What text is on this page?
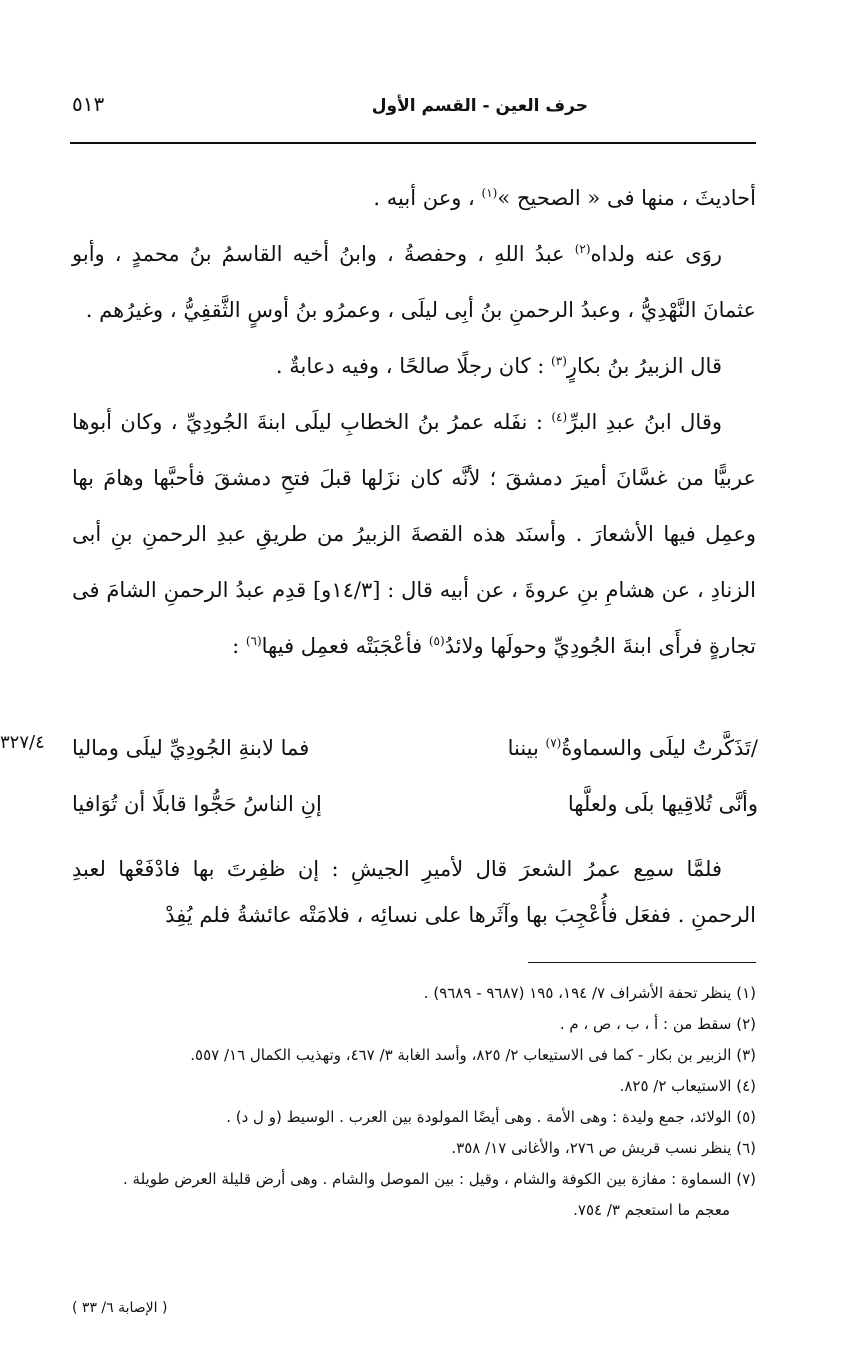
حرف العين - القسم الأول
٥١٣

أحاديثَ ، منها فى « الصحيح »$^{(١)}$ ، وعن أبيه .

روَى عنه ولداه$^{(٢)}$ عبدُ اللهِ ، وحفصةُ ، وابنُ أخيه القاسمُ بنُ محمدٍ ، وأبو عثمانَ النَّهْدِيُّ ، وعبدُ الرحمنِ بنُ أبِى ليلَى ، وعمرُو بنُ أوسٍ الثَّقفِيُّ ، وغيرُهم .

قال الزبيرُ بنُ بكارٍ$^{(٣)}$ : كان رجلًا صالحًا ، وفيه دعابةٌ .

وقال ابنُ عبدِ البرِّ$^{(٤)}$ : نفَله عمرُ بنُ الخطابِ ليلَى ابنةَ الجُودِيِّ ، وكان أبوها عربيًّا من غسَّانَ أميرَ دمشقَ ؛ لأنَّه كان نزَلها قبلَ فتحِ دمشقَ فأحبَّها وهامَ بها وعمِل فيها الأشعارَ . وأسنَد هذه القصةَ الزبيرُ من طريقِ عبدِ الرحمنِ بنِ أبى الزنادِ ، عن هشامِ بنِ عروةَ ، عن أبيه قال : [١٤/٣و] قدِم عبدُ الرحمنِ الشامَ فى تجارةٍ فرأَى ابنةَ الجُودِيِّ وحولَها ولائدُ$^{(٥)}$ فأعْجَبَتْه فعمِل فيها$^{(٦)}$ :

٣٢٧/٤	/تَذَكَّرتُ ليلَى والسماوةُ$^{(٧)}$ بيننا
فما لابنةِ الجُودِيِّ ليلَى وماليا
وأنَّى تُلاقِيها بلَى ولعلَّها
إنِ الناسُ حَجُّوا قابلًا أن تُوَافيا

فلمَّا سمِع عمرُ الشعرَ قال لأميرِ الجيشِ : إن ظفِرتَ بها فادْفَعْها لعبدِ الرحمنِ . ففعَل فأُعْجِبَ بها وآثَرها على نسائِه ، فلامَتْه عائشةُ فلم يُفِدْ

(١) ينظر تحفة الأشراف ٧/ ١٩٤، ١٩٥ (٩٦٨٧ - ٩٦٨٩) .

(٢) سقط من : أ ، ب ، ص ، م .

(٣) الزبير بن بكار - كما فى الاستيعاب ٢/ ٨٢٥، وأسد الغابة ٣/ ٤٦٧، وتهذيب الكمال ١٦/ ٥٥٧.

(٤) الاستيعاب ٢/ ٨٢٥.

(٥) الولائد، جمع وليدة : وهى الأمة . وهى أيضًا المولودة بين العرب . الوسيط (و ل د) .

(٦) ينظر نسب قريش ص ٢٧٦، والأغانى ١٧/ ٣٥٨.

(٧) السماوة : مفازة بين الكوفة والشام ، وقيل : بين الموصل والشام . وهى أرض قليلة العرض طويلة .

معجم ما استعجم ٣/ ٧٥٤.

( الإصابة ٦/ ٣٣ )
